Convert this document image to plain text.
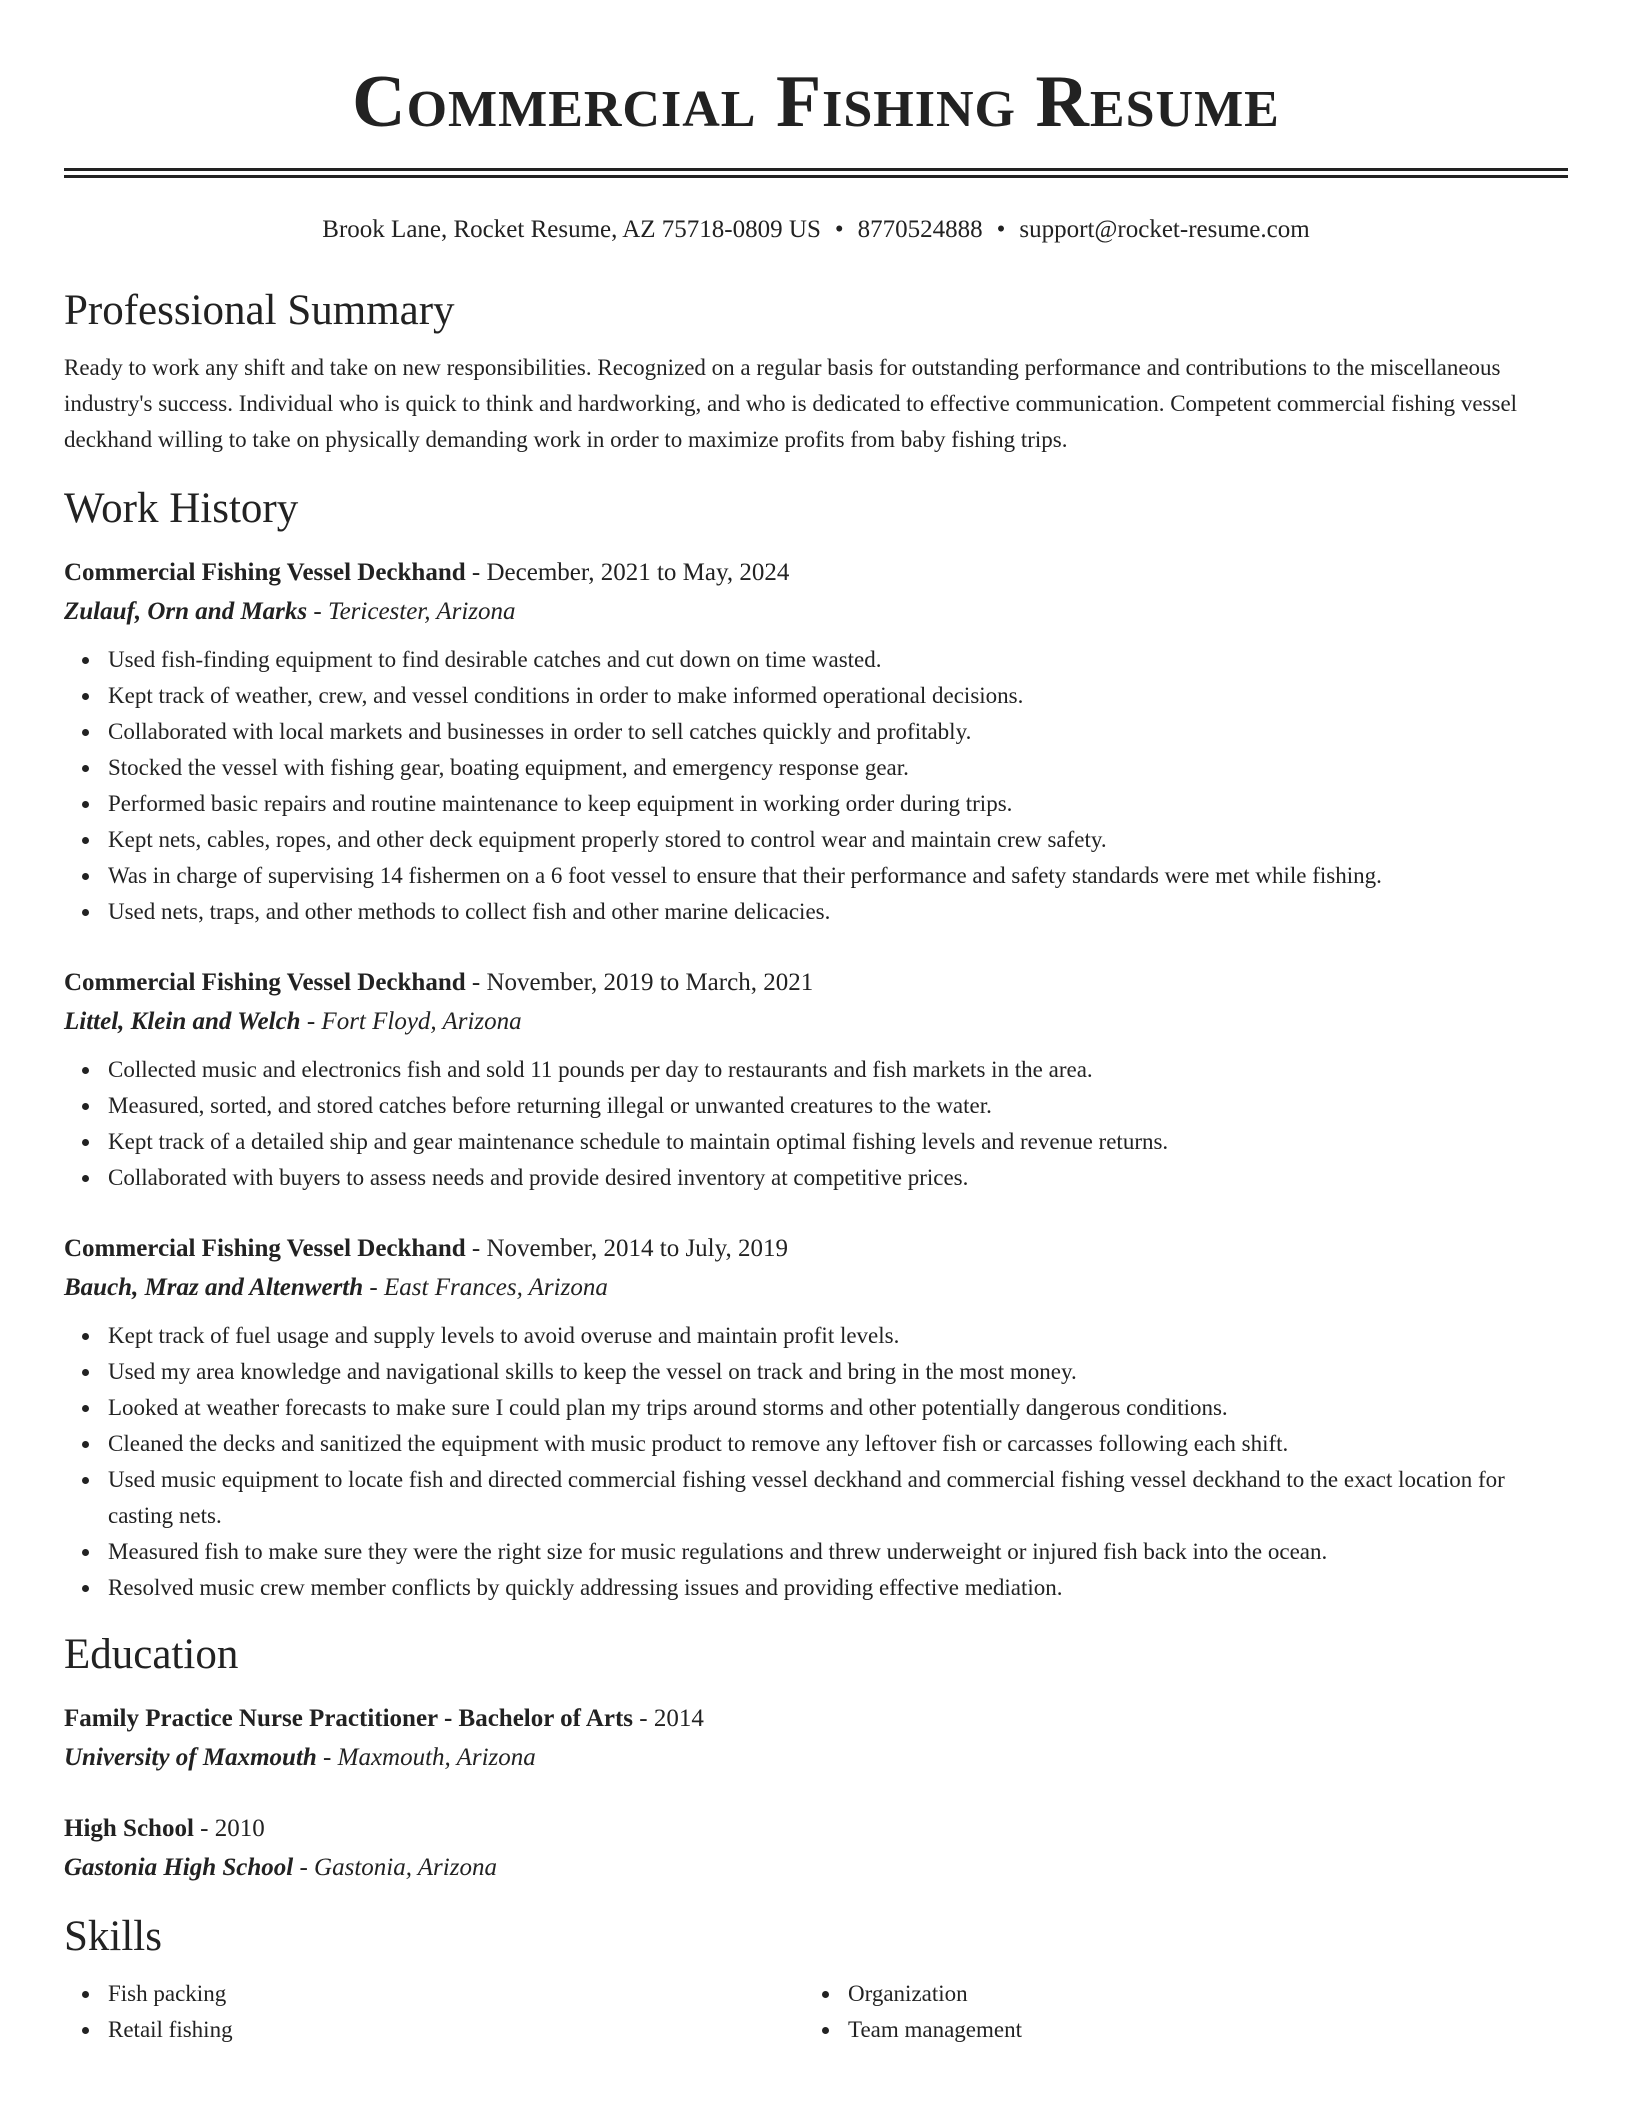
Commercial Fishing Resume
Brook Lane, Rocket Resume, AZ 75718-0809 US • 8770524888 • support@rocket-resume.com
Professional Summary
Ready to work any shift and take on new responsibilities. Recognized on a regular basis for outstanding performance and contributions to the miscellaneous industry's success. Individual who is quick to think and hardworking, and who is dedicated to effective communication. Competent commercial fishing vessel deckhand willing to take on physically demanding work in order to maximize profits from baby fishing trips.
Work History
Commercial Fishing Vessel Deckhand - December, 2021 to May, 2024
Zulauf, Orn and Marks - Tericester, Arizona
Used fish-finding equipment to find desirable catches and cut down on time wasted.
Kept track of weather, crew, and vessel conditions in order to make informed operational decisions.
Collaborated with local markets and businesses in order to sell catches quickly and profitably.
Stocked the vessel with fishing gear, boating equipment, and emergency response gear.
Performed basic repairs and routine maintenance to keep equipment in working order during trips.
Kept nets, cables, ropes, and other deck equipment properly stored to control wear and maintain crew safety.
Was in charge of supervising 14 fishermen on a 6 foot vessel to ensure that their performance and safety standards were met while fishing.
Used nets, traps, and other methods to collect fish and other marine delicacies.
Commercial Fishing Vessel Deckhand - November, 2019 to March, 2021
Littel, Klein and Welch - Fort Floyd, Arizona
Collected music and electronics fish and sold 11 pounds per day to restaurants and fish markets in the area.
Measured, sorted, and stored catches before returning illegal or unwanted creatures to the water.
Kept track of a detailed ship and gear maintenance schedule to maintain optimal fishing levels and revenue returns.
Collaborated with buyers to assess needs and provide desired inventory at competitive prices.
Commercial Fishing Vessel Deckhand - November, 2014 to July, 2019
Bauch, Mraz and Altenwerth - East Frances, Arizona
Kept track of fuel usage and supply levels to avoid overuse and maintain profit levels.
Used my area knowledge and navigational skills to keep the vessel on track and bring in the most money.
Looked at weather forecasts to make sure I could plan my trips around storms and other potentially dangerous conditions.
Cleaned the decks and sanitized the equipment with music product to remove any leftover fish or carcasses following each shift.
Used music equipment to locate fish and directed commercial fishing vessel deckhand and commercial fishing vessel deckhand to the exact location for casting nets.
Measured fish to make sure they were the right size for music regulations and threw underweight or injured fish back into the ocean.
Resolved music crew member conflicts by quickly addressing issues and providing effective mediation.
Education
Family Practice Nurse Practitioner - Bachelor of Arts - 2014
University of Maxmouth - Maxmouth, Arizona
High School - 2010
Gastonia High School - Gastonia, Arizona
Skills
Fish packing
Retail fishing
Organization
Team management
